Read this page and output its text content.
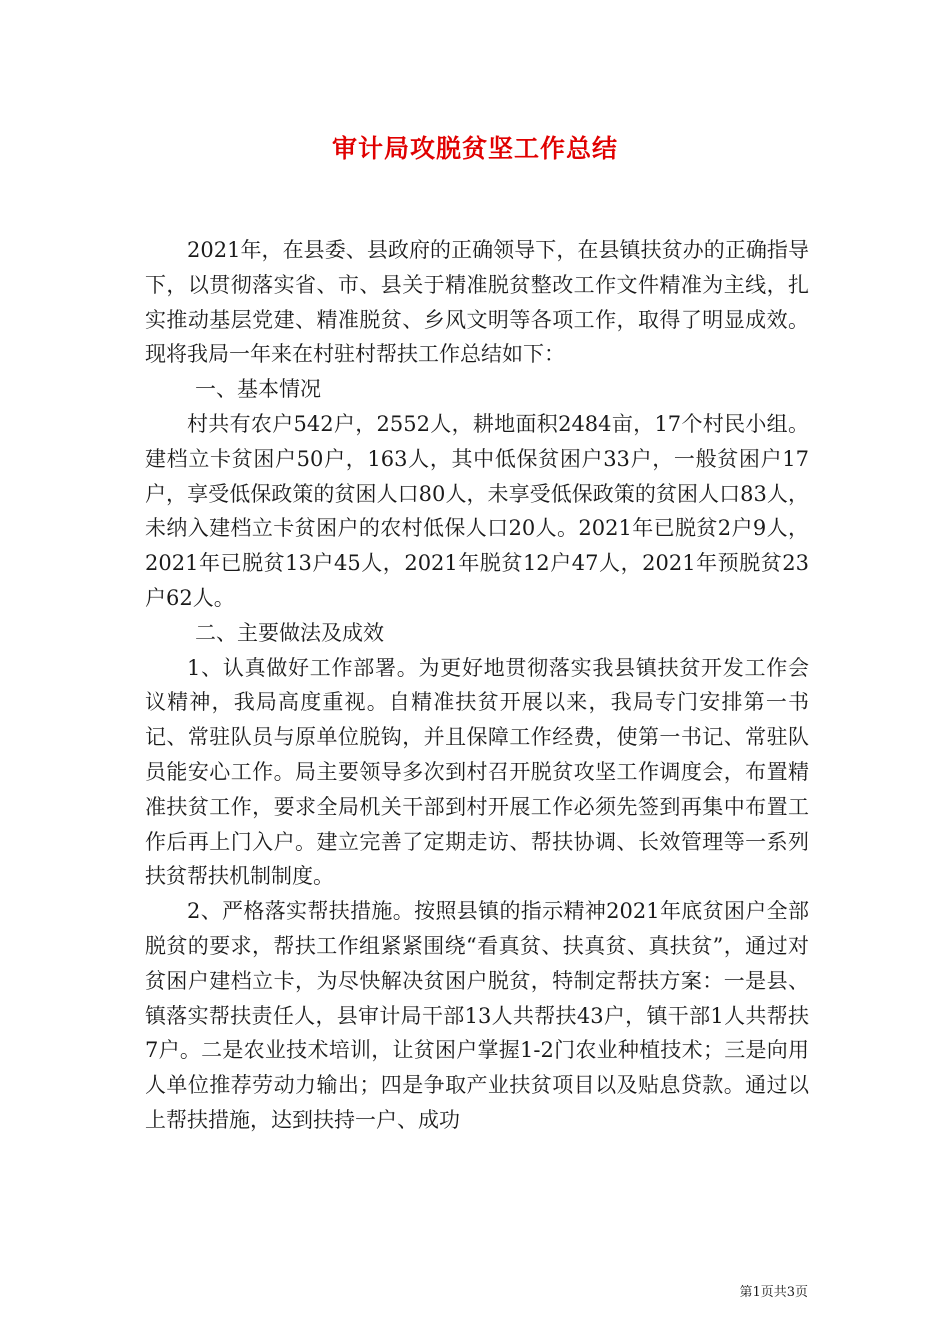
审计局攻脱贫坚工作总结

2021年，在县委、县政府的正确领导下，在县镇扶贫办的正确指导下，以贯彻落实省、市、县关于精准脱贫整改工作文件精准为主线，扎实推动基层党建、精准脱贫、乡风文明等各项工作，取得了明显成效。现将我局一年来在村驻村帮扶工作总结如下：

一、基本情况

村共有农户542户，2552人，耕地面积2484亩，17个村民小组。建档立卡贫困户50户，163人，其中低保贫困户33户，一般贫困户17户，享受低保政策的贫困人口80人，未享受低保政策的贫困人口83人，未纳入建档立卡贫困户的农村低保人口20人。2021年已脱贫2户9人，2021年已脱贫13户45人，2021年脱贫12户47人，2021年预脱贫23户62人。

二、主要做法及成效

1、认真做好工作部署。为更好地贯彻落实我县镇扶贫开发工作会议精神，我局高度重视。自精准扶贫开展以来，我局专门安排第一书记、常驻队员与原单位脱钩，并且保障工作经费，使第一书记、常驻队员能安心工作。局主要领导多次到村召开脱贫攻坚工作调度会，布置精准扶贫工作，要求全局机关干部到村开展工作必须先签到再集中布置工作后再上门入户。建立完善了定期走访、帮扶协调、长效管理等一系列扶贫帮扶机制制度。

2、严格落实帮扶措施。按照县镇的指示精神2021年底贫困户全部脱贫的要求，帮扶工作组紧紧围绕“看真贫、扶真贫、真扶贫”，通过对贫困户建档立卡，为尽快解决贫困户脱贫，特制定帮扶方案：一是县、镇落实帮扶责任人，县审计局干部13人共帮扶43户，镇干部1人共帮扶7户。二是农业技术培训，让贫困户掌握1-2门农业种植技术；三是向用人单位推荐劳动力输出；四是争取产业扶贫项目以及贴息贷款。通过以上帮扶措施，达到扶持一户、成功

第1页共3页
